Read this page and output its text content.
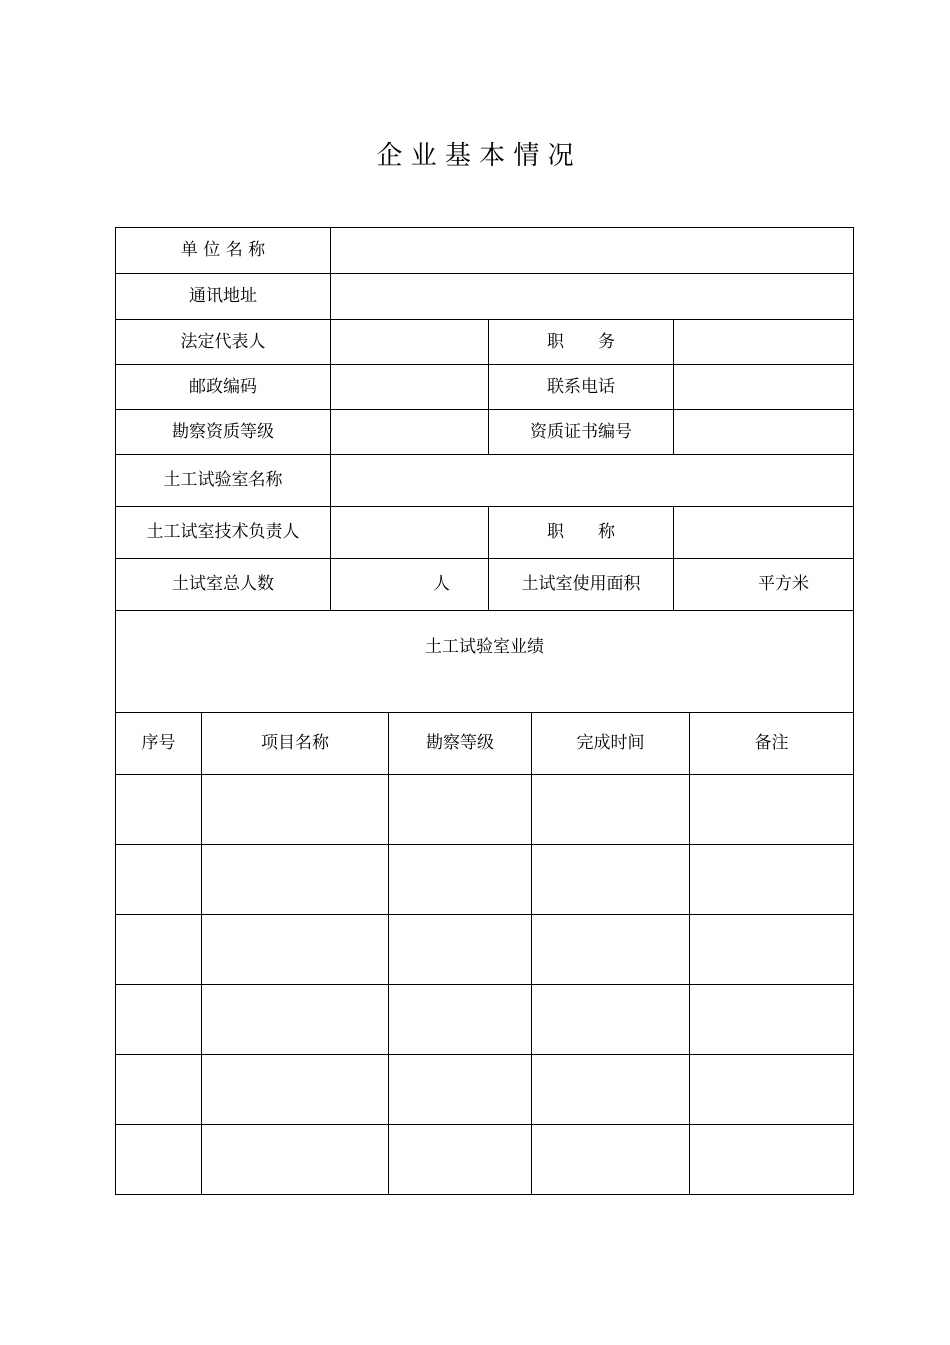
企 业 基 本 情 况
单 位 名 称			
通讯地址			
法定代表人		职　　务	
邮政编码		联系电话	
勘察资质等级		资质证书编号	
土工试验室名称			
土工试室技术负责人		职　　称	
土试室总人数	人	土试室使用面积	平方米
土工试验室业绩			
序号	项目名称	勘察等级	完成时间	备注
